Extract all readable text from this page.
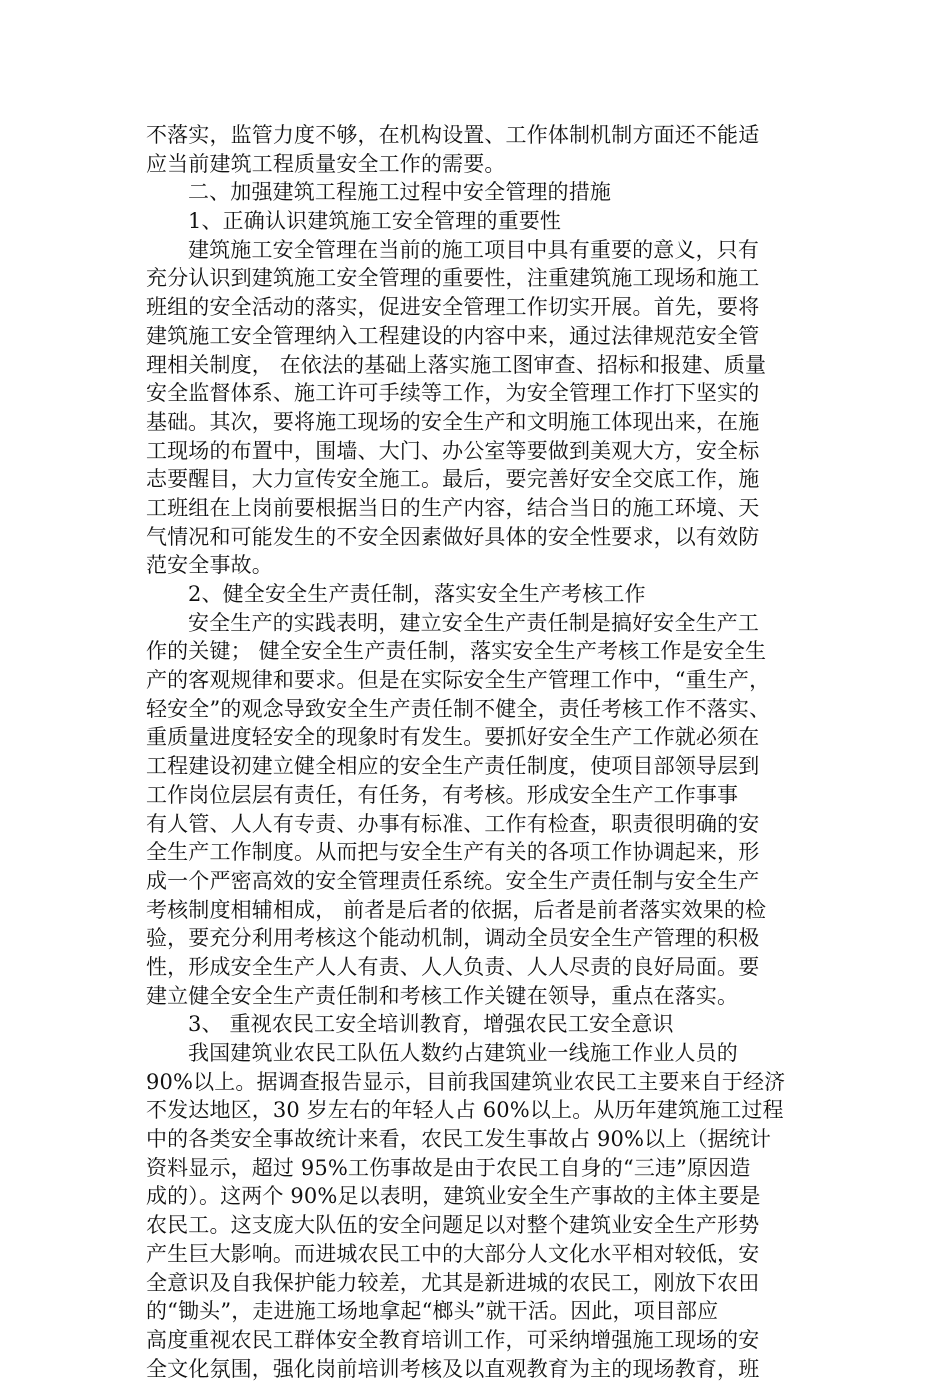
不落实，监管力度不够，在机构设置、工作体制机制方面还不能适
应当前建筑工程质量安全工作的需要。
二、加强建筑工程施工过程中安全管理的措施
1、正确认识建筑施工安全管理的重要性
建筑施工安全管理在当前的施工项目中具有重要的意义，只有
充分认识到建筑施工安全管理的重要性，注重建筑施工现场和施工
班组的安全活动的落实，促进安全管理工作切实开展。首先，要将
建筑施工安全管理纳入工程建设的内容中来，通过法律规范安全管
理相关制度， 在依法的基础上落实施工图审查、招标和报建、质量
安全监督体系、施工许可手续等工作，为安全管理工作打下坚实的
基础。其次，要将施工现场的安全生产和文明施工体现出来，在施
工现场的布置中，围墙、大门、办公室等要做到美观大方，安全标
志要醒目，大力宣传安全施工。最后，要完善好安全交底工作，施
工班组在上岗前要根据当日的生产内容，结合当日的施工环境、天
气情况和可能发生的不安全因素做好具体的安全性要求，以有效防
范安全事故。
2、健全安全生产责任制，落实安全生产考核工作
安全生产的实践表明，建立安全生产责任制是搞好安全生产工
作的关键； 健全安全生产责任制，落实安全生产考核工作是安全生
产的客观规律和要求。但是在实际安全生产管理工作中，“重生产，
轻安全”的观念导致安全生产责任制不健全，责任考核工作不落实、
重质量进度轻安全的现象时有发生。要抓好安全生产工作就必须在
工程建设初建立健全相应的安全生产责任制度，使项目部领导层到
工作岗位层层有责任，有任务，有考核。形成安全生产工作事事
有人管、人人有专责、办事有标准、工作有检查，职责很明确的安
全生产工作制度。从而把与安全生产有关的各项工作协调起来，形
成一个严密高效的安全管理责任系统。安全生产责任制与安全生产
考核制度相辅相成， 前者是后者的依据，后者是前者落实效果的检
验，要充分利用考核这个能动机制，调动全员安全生产管理的积极
性，形成安全生产人人有责、人人负责、人人尽责的良好局面。要
建立健全安全生产责任制和考核工作关键在领导，重点在落实。
3、 重视农民工安全培训教育，增强农民工安全意识
我国建筑业农民工队伍人数约占建筑业一线施工作业人员的
90%以上。据调查报告显示，目前我国建筑业农民工主要来自于经济
不发达地区，30 岁左右的年轻人占 60%以上。从历年建筑施工过程
中的各类安全事故统计来看，农民工发生事故占 90%以上（据统计
资料显示，超过 95%工伤事故是由于农民工自身的“三违”原因造
成的）。这两个 90%足以表明，建筑业安全生产事故的主体主要是
农民工。这支庞大队伍的安全问题足以对整个建筑业安全生产形势
产生巨大影响。而进城农民工中的大部分人文化水平相对较低，安
全意识及自我保护能力较差，尤其是新进城的农民工，刚放下农田
的“锄头”，走进施工场地拿起“榔头”就干活。因此，项目部应
高度重视农民工群体安全教育培训工作，可采纳增强施工现场的安
全文化氛围，强化岗前培训考核及以直观教育为主的现场教育，班
